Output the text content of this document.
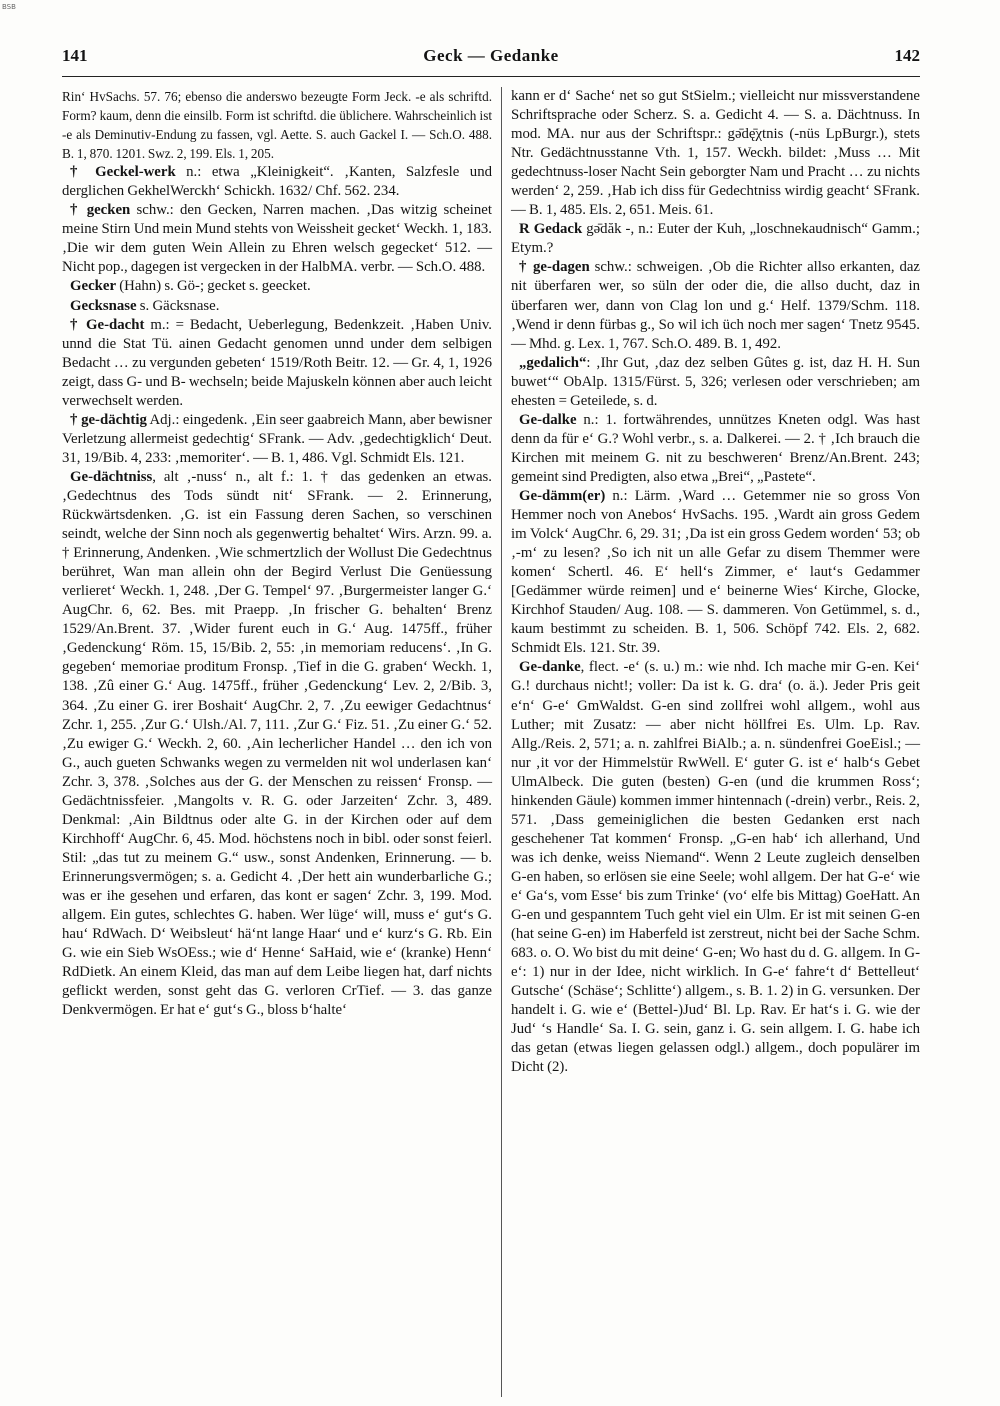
BSB
141	Geck — Gedanke	142

Rin‘ HvSachs. 57. 76; ebenso die anderswo bezeugte Form Jeck. -e als schriftd. Form? kaum, denn die einsilb. Form ist schriftd. die üblichere. Wahrscheinlich ist -e als Deminutiv-Endung zu fassen, vgl. Aette. S. auch Gackel I. — Sch.O. 488. B. 1, 870. 1201. Swz. 2, 199. Els. 1, 205.

† Geckel-werk n.: etwa „Kleinigkeit“. ‚Kanten, Salzfesle und derglichen GekhelWerckh‘ Schickh. 1632/ Chf. 562. 234.

† gecken schw.: den Gecken, Narren machen. ‚Das witzig scheinet meine Stirn Und mein Mund stehts von Weissheit gecket‘ Weckh. 1, 183. ‚Die wir dem guten Wein Allein zu Ehren welsch gegecket‘ 512. — Nicht pop., dagegen ist vergecken in der HalbMA. verbr. — Sch.O. 488.

Gecker (Hahn) s. Gö-; gecket s. geecket.

Gecksnase s. Gäcksnase.

† Ge-dacht m.: = Bedacht, Ueberlegung, Bedenkzeit. ‚Haben Univ. unnd die Stat Tü. ainen Gedacht genomen unnd under dem selbigen Bedacht … zu vergunden gebeten‘ 1519/Roth Beitr. 12. — Gr. 4, 1, 1926 zeigt, dass G- und B- wechseln; beide Majuskeln können aber auch leicht verwechselt werden.

† ge-dächtig Adj.: eingedenk. ‚Ein seer gaabreich Mann, aber bewisner Verletzung allermeist gedechtig‘ SFrank. — Adv. ‚gedechtigklich‘ Deut. 31, 19/Bib. 4, 233: ‚memoriter‘. — B. 1, 486. Vgl. Schmidt Els. 121.

Ge-dächtniss, alt ‚-nuss‘ n., alt f.: 1. † das gedenken an etwas. ‚Gedechtnus des Tods sündt nit‘ SFrank. — 2. Erinnerung, Rückwärtsdenken. ‚G. ist ein Fassung deren Sachen, so verschinen seindt, welche der Sinn noch als gegenwertig behaltet‘ Wirs. Arzn. 99. a. † Erinnerung, Andenken. ‚Wie schmertzlich der Wollust Die Gedechtnus berühret, Wan man allein ohn der Begird Verlust Die Genüessung verlieret‘ Weckh. 1, 248. ‚Der G. Tempel‘ 97. ‚Burgermeister langer G.‘ AugChr. 6, 62. Bes. mit Praepp. ‚In frischer G. behalten‘ Brenz 1529/An.Brent. 37. ‚Wider furent euch in G.‘ Aug. 1475ff., früher ‚Gedenckung‘ Röm. 15, 15/Bib. 2, 55: ‚in memoriam reducens‘. ‚In G. gegeben‘ memoriae proditum Fronsp. ‚Tief in die G. graben‘ Weckh. 1, 138. ‚Zû einer G.‘ Aug. 1475ff., früher ‚Gedenckung‘ Lev. 2, 2/Bib. 3, 364. ‚Zu einer G. irer Boshait‘ AugChr. 2, 7. ‚Zu eewiger Gedachtnus‘ Zchr. 1, 255. ‚Zur G.‘ Ulsh./Al. 7, 111. ‚Zur G.‘ Fiz. 51. ‚Zu einer G.‘ 52. ‚Zu ewiger G.‘ Weckh. 2, 60. ‚Ain lecherlicher Handel … den ich von G., auch gueten Schwanks wegen zu vermelden nit wol underlasen kan‘ Zchr. 3, 378. ‚Solches aus der G. der Menschen zu reissen‘ Fronsp. — Gedächtnissfeier. ‚Mangolts v. R. G. oder Jarzeiten‘ Zchr. 3, 489. Denkmal: ‚Ain Bildtnus oder alte G. in der Kirchen oder auf dem Kirchhoff‘ AugChr. 6, 45. Mod. höchstens noch in bibl. oder sonst feierl. Stil: „das tut zu meinem G.“ usw., sonst Andenken, Erinnerung. — b. Erinnerungsvermögen; s. a. Gedicht 4. ‚Der hett ain wunderbarliche G.; was er ihe gesehen und erfaren, das kont er sagen‘ Zchr. 3, 199. Mod. allgem. Ein gutes, schlechtes G. haben. Wer lüge‘ will, muss e‘ gut‘s G. hau‘ RdWach. D‘ Weibsleut‘ hä‘nt lange Haar‘ und e‘ kurz‘s G. Rb. Ein G. wie ein Sieb WsOEss.; wie d‘ Henne‘ SaHaid, wie e‘ (kranke) Henn‘ RdDietk. An einem Kleid, das man auf dem Leibe liegen hat, darf nichts geflickt werden, sonst geht das G. verloren CrTief. — 3. das ganze Denkvermögen. Er hat e‘ gut‘s G., bloss b‘halte‘

kann er d‘ Sache‘ net so gut StSielm.; vielleicht nur missverstandene Schriftsprache oder Scherz. S. a. Gedicht 4. — S. a. Dächtnuss. In mod. MA. nur aus der Schriftspr.: gə̄dę̄χtnis (-nüs LpBurgr.), stets Ntr. Gedächtnusstanne Vth. 1, 157. Weckh. bildet: ‚Muss … Mit gedechtnuss-loser Nacht Sein geborgter Nam und Pracht … zu nichts werden‘ 2, 259. ‚Hab ich diss für Gedechtniss wirdig geacht‘ SFrank. — B. 1, 485. Els. 2, 651. Meis. 61.

R Gedack gə̄dăk -, n.: Euter der Kuh, „loschnekaudnisch“ Gamm.; Etym.?

† ge-dagen schw.: schweigen. ‚Ob die Richter allso erkanten, daz nit überfaren wer, so süln der oder die, die allso ducht, daz in überfaren wer, dann von Clag lon und g.‘ Helf. 1379/Schm. 118. ‚Wend ir denn fürbas g., So wil ich üch noch mer sagen‘ Tnetz 9545. — Mhd. g. Lex. 1, 767. Sch.O. 489. B. 1, 492.

„gedalich“: ‚Ihr Gut, ‚daz dez selben Gûtes g. ist, daz H. H. Sun buwet‘“ ObAlp. 1315/Fürst. 5, 326; verlesen oder verschrieben; am ehesten = Geteilede, s. d.

Ge-dalke n.: 1. fortwährendes, unnützes Kneten odgl. Was hast denn da für e‘ G.? Wohl verbr., s. a. Dalkerei. — 2. † ‚Ich brauch die Kirchen mit meinem G. nit zu beschweren‘ Brenz/An.Brent. 243; gemeint sind Predigten, also etwa „Brei“, „Pastete“.

Ge-dämm(er) n.: Lärm. ‚Ward … Getemmer nie so gross Von Hemmer noch von Anebos‘ HvSachs. 195. ‚Wardt ain gross Gedem im Volck‘ AugChr. 6, 29. 31; ‚Da ist ein gross Gedem worden‘ 53; ob ‚-m‘ zu lesen? ‚So ich nit un alle Gefar zu disem Themmer were komen‘ Schertl. 46. E‘ hell‘s Zimmer, e‘ laut‘s Gedammer [Gedämmer würde reimen] und e‘ beinerne Wies‘ Kirche, Glocke, Kirchhof Stauden/ Aug. 108. — S. dammeren. Von Getümmel, s. d., kaum bestimmt zu scheiden. B. 1, 506. Schöpf 742. Els. 2, 682. Schmidt Els. 121. Str. 39.

Ge-danke, flect. -e‘ (s. u.) m.: wie nhd. Ich mache mir G-en. Kei‘ G.! durchaus nicht!; voller: Da ist k. G. dra‘ (o. ä.). Jeder Pris geit e‘n‘ G-e‘ GmWaldst. G-en sind zollfrei wohl allgem., wohl aus Luther; mit Zusatz: — aber nicht höllfrei Es. Ulm. Lp. Rav. Allg./Reis. 2, 571; a. n. zahlfrei BiAlb.; a. n. sündenfrei GoeEisl.; — nur ‚it vor der Himmelstür RwWell. E‘ guter G. ist e‘ halb‘s Gebet UlmAlbeck. Die guten (besten) G-en (und die krummen Ross‘; hinkenden Gäule) kommen immer hintennach (-drein) verbr., Reis. 2, 571. ‚Dass gemeiniglichen die besten Gedanken erst nach geschehener Tat kommen‘ Fronsp. „G-en hab‘ ich allerhand, Und was ich denke, weiss Niemand“. Wenn 2 Leute zugleich denselben G-en haben, so erlösen sie eine Seele; wohl allgem. Der hat G-e‘ wie e‘ Ga‘s, vom Esse‘ bis zum Trinke‘ (vo‘ elfe bis Mittag) GoeHatt. An G-en und gespanntem Tuch geht viel ein Ulm. Er ist mit seinen G-en (hat seine G-en) im Haberfeld ist zerstreut, nicht bei der Sache Schm. 683. o. O. Wo bist du mit deine‘ G-en; Wo hast du d. G. allgem. In G-e‘: 1) nur in der Idee, nicht wirklich. In G-e‘ fahre‘t d‘ Bettelleut‘ Gutsche‘ (Schäse‘; Schlitte‘) allgem., s. B. 1. 2) in G. versunken. Der handelt i. G. wie e‘ (Bettel-)Jud‘ Bl. Lp. Rav. Er hat‘s i. G. wie der Jud‘ ‘s Handle‘ Sa. I. G. sein, ganz i. G. sein allgem. I. G. habe ich das getan (etwas liegen gelassen odgl.) allgem., doch populärer im Dicht (2).
